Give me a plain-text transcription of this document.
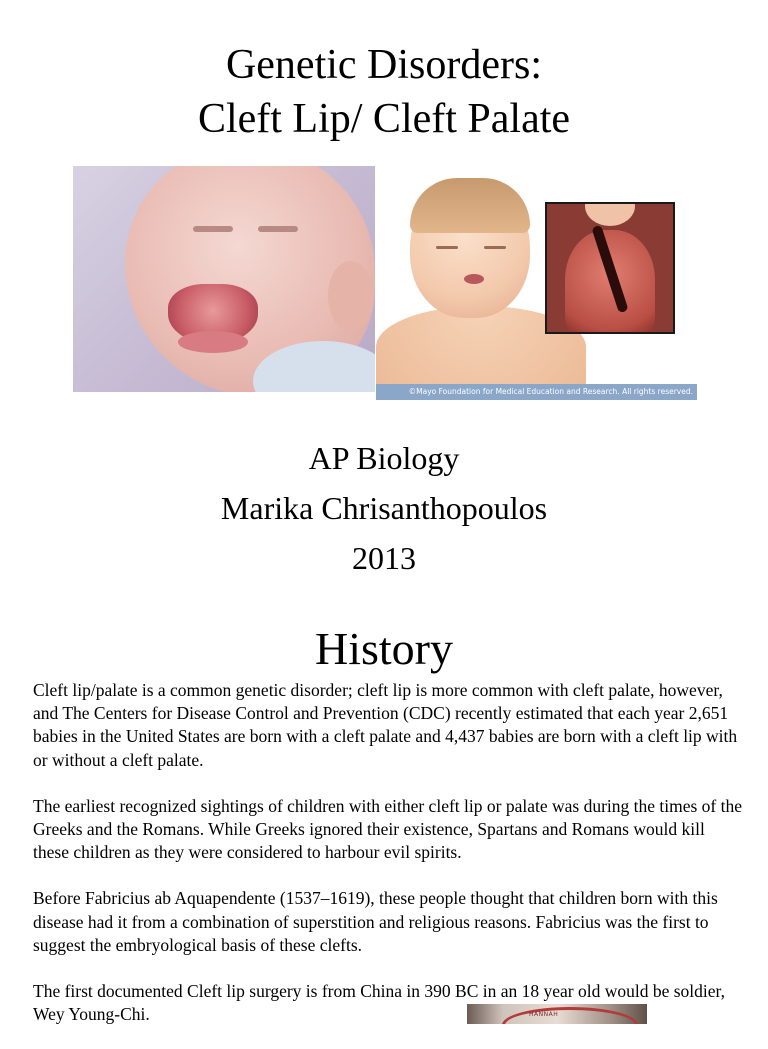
Genetic Disorders:
Cleft Lip/ Cleft Palate
©Mayo Foundation for Medical Education and Research. All rights reserved.
AP Biology
Marika Chrisanthopoulos
2013
History

Cleft lip/palate is a common genetic disorder; cleft lip is more common with cleft palate, however, and The Centers for Disease Control and Prevention (CDC) recently estimated that each year 2,651 babies in the United States are born with a cleft palate and 4,437 babies are born with a cleft lip with or without a cleft palate.

The earliest recognized sightings of children with either cleft lip or palate was during the times of the Greeks and the Romans. While Greeks ignored their existence, Spartans and Romans would kill these children as they were considered to harbour evil spirits.

Before Fabricius ab Aquapendente (1537–1619), these people thought that children born with this disease had it from a combination of superstition and religious reasons. Fabricius was the first to suggest the embryological basis of these clefts.

The first documented Cleft lip surgery is from China in 390 BC in an 18 year old would be soldier, Wey Young-Chi.	HANNAH
